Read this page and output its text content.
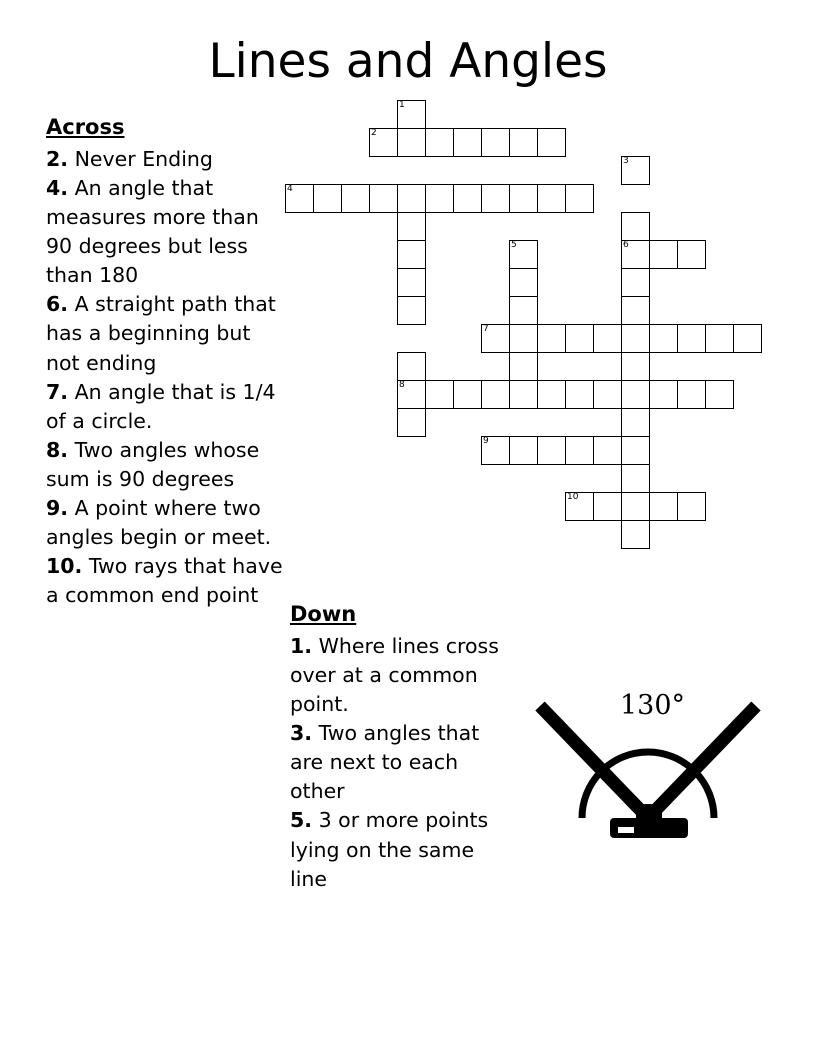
Lines and Angles
Across

2. Never Ending

4. An angle that measures more than 90 degrees but less than 180

6. A straight path that has a beginning but not ending

7. An angle that is 1/4 of a circle.

8. Two angles whose sum is 90 degrees

9. A point where two angles begin or meet.

10. Two rays that have a common end point

Down

1. Where lines cross over at a common point.

3. Two angles that are next to each other

5. 3 or more points lying on the same line

1
2
3
4
5	6
7
8
9
10
130°
